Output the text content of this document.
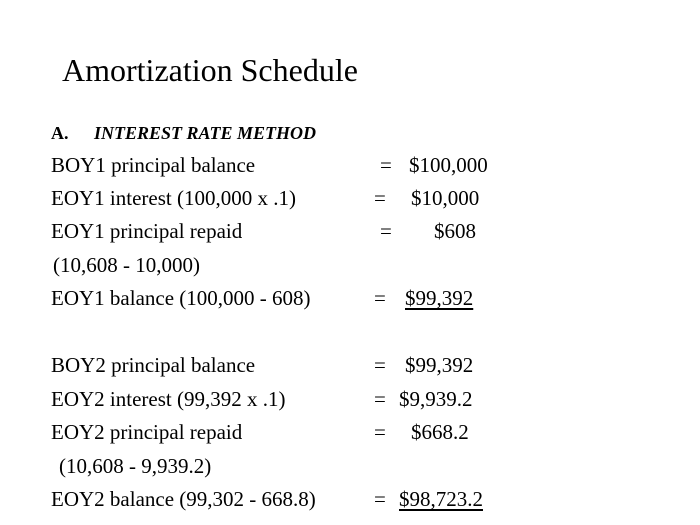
Amortization Schedule
A. INTEREST RATE METHOD
BOY1 principal balance	= $100,000
EOY1 interest (100,000 x .1)	= $10,000
EOY1 principal repaid	= $608
(10,608 - 10,000)
EOY1 balance (100,000 - 608)	= $99,392
BOY2 principal balance	= $99,392
EOY2 interest (99,392 x .1)	= $9,939.2
EOY2 principal repaid	= $668.2
(10,608 - 9,939.2)
EOY2 balance (99,302 - 668.8)	= $98,723.2
